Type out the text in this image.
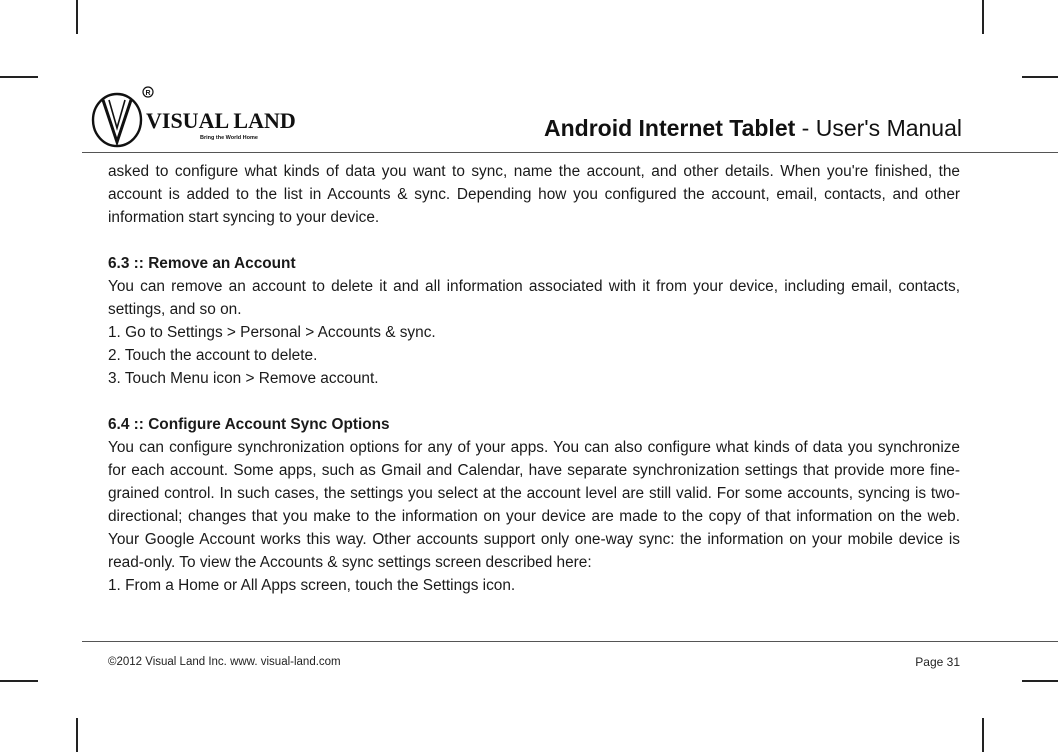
R
VISUAL LAND
Bring the World Home	Android Internet Tablet - User's Manual

asked to configure what kinds of data you want to sync, name the account, and other details. When you're finished, the account is added to the list in Accounts & sync. Depending how you configured the account, email, contacts, and other information start syncing to your device.

6.3 :: Remove an Account

You can remove an account to delete it and all information associated with it from your device, including email, contacts, settings, and so on.

1. Go to Settings > Personal > Accounts & sync.

2. Touch the account to delete.

3. Touch Menu icon > Remove account.

6.4 :: Configure Account Sync Options

You can configure synchronization options for any of your apps. You can also configure what kinds of data you synchronize for each account. Some apps, such as Gmail and Calendar, have separate synchronization settings that provide more fine-grained control. In such cases, the settings you select at the account level are still valid. For some accounts, syncing is two-directional; changes that you make to the information on your device are made to the copy of that information on the web. Your Google Account works this way. Other accounts support only one-way sync: the information on your mobile device is read-only. To view the Accounts & sync settings screen described here:

1. From a Home or All Apps screen, touch the Settings icon.

©2012 Visual Land Inc. www. visual-land.com	Page 31
